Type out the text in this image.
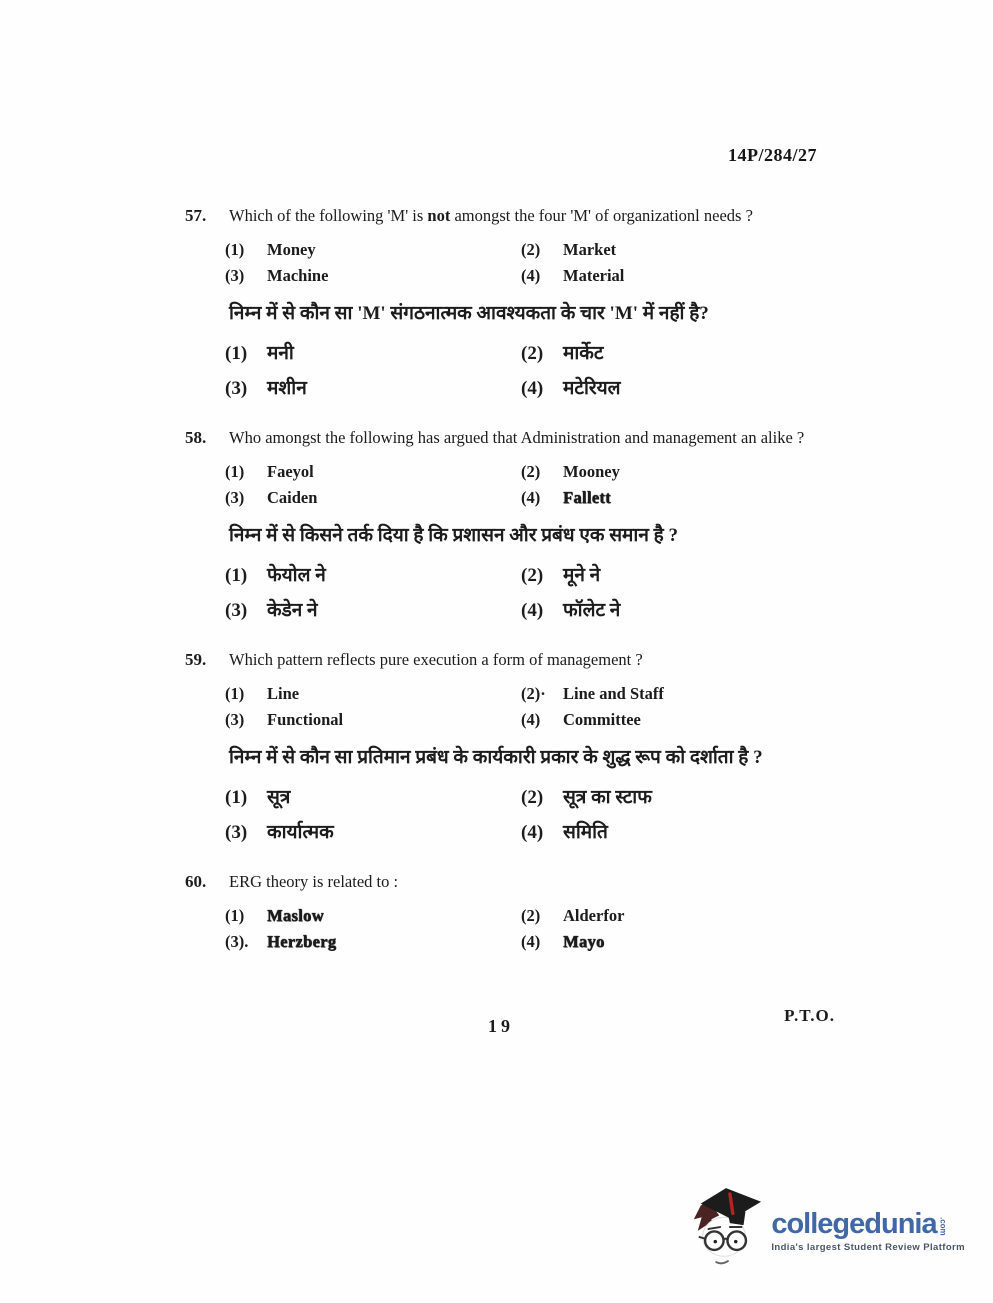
14P/284/27
57.	Which of the following 'M' is not amongst the four 'M' of organizationl needs ?

(1)	Money	(2)	Market
(3)	Machine	(4)	Material

निम्न में से कौन सा 'M' संगठनात्मक आवश्यकता के चार 'M' में नहीं है?

(1)	मनी	(2)	मार्केट
(3)	मशीन	(4)	मटेरियल
58.	Who amongst the following has argued that Administration and management an alike ?

(1)	Faeyol	(2)	Mooney
(3)	Caiden	(4)	Fallett

निम्न में से किसने तर्क दिया है कि प्रशासन और प्रबंध एक समान है ?

(1)	फेयोल ने	(2)	मूने ने
(3)	केडेन ने	(4)	फॉलेट ने
59.	Which pattern reflects pure execution a form of management ?

(1)	Line	(2)·	Line and Staff
(3)	Functional	(4)	Committee

निम्न में से कौन सा प्रतिमान प्रबंध के कार्यकारी प्रकार के शुद्ध रूप को दर्शाता है ?

(1)	सूत्र	(2)	सूत्र का स्टाफ
(3)	कार्यात्मक	(4)	समिति
60.	ERG theory is related to :

(1)	Maslow	(2)	Alderfor
(3).	Herzberg	(4)	Mayo
19
P.T.O.
collegedunia .com
India's largest Student Review Platform
